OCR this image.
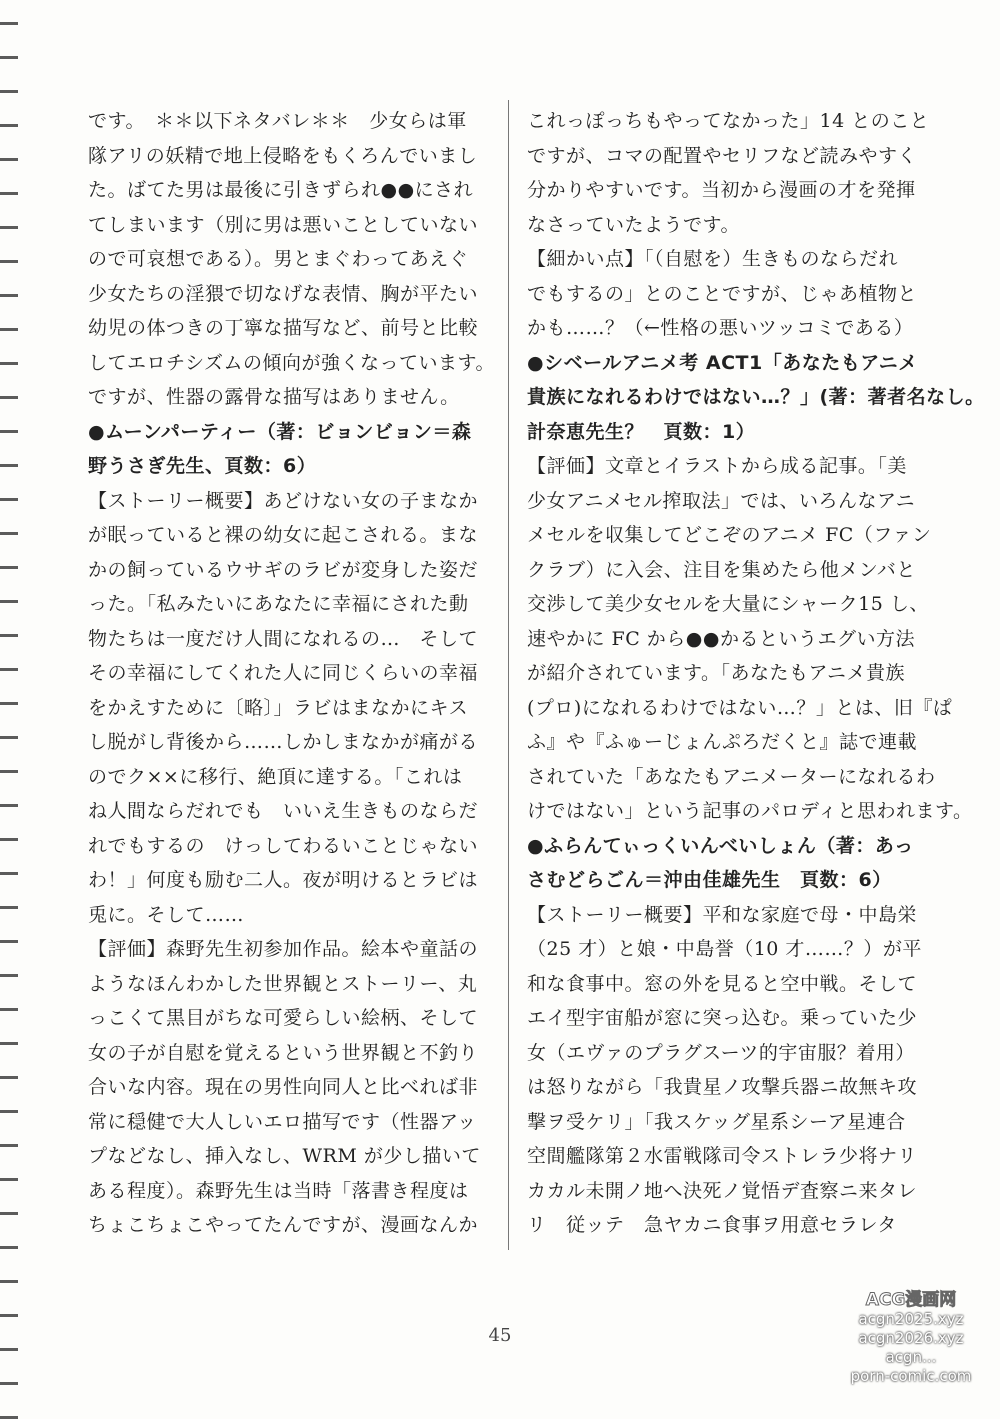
です。　＊＊以下ネタバレ＊＊　少女らは軍
隊アリの妖精で地上侵略をもくろんでいまし
た。ばてた男は最後に引きずられ●●にされ
てしまいます（別に男は悪いことしていない
ので可哀想である）。男とまぐわってあえぐ
少女たちの淫猥で切なげな表情、胸が平たい
幼児の体つきの丁寧な描写など、前号と比較
してエロチシズムの傾向が強くなっています。
ですが、性器の露骨な描写はありません。
●ムーンパーティー（著：ビョンビョン＝森
野うさぎ先生、頁数：6）
【ストーリー概要】あどけない女の子まなか
が眠っていると裸の幼女に起こされる。まな
かの飼っているウサギのラビが変身した姿だ
った。「私みたいにあなたに幸福にされた動
物たちは一度だけ人間になれるの…　そして
その幸福にしてくれた人に同じくらいの幸福
をかえすために〔略〕」ラビはまなかにキス
し脱がし背後から……しかしまなかが痛がる
のでク××に移行、絶頂に達する。「これは
ね人間ならだれでも　いいえ生きものならだ
れでもするの　けっしてわるいことじゃない
わ！」何度も励む二人。夜が明けるとラビは
兎に。そして……
【評価】森野先生初参加作品。絵本や童話の
ようなほんわかした世界観とストーリー、丸
っこくて黒目がちな可愛らしい絵柄、そして
女の子が自慰を覚えるという世界観と不釣り
合いな内容。現在の男性向同人と比べれば非
常に穏健で大人しいエロ描写です（性器アッ
プなどなし、挿入なし、WRM が少し描いて
ある程度）。森野先生は当時「落書き程度は
ちょこちょこやってたんですが、漫画なんか
これっぽっちもやってなかった」14 とのこと
ですが、コマの配置やセリフなど読みやすく
分かりやすいです。当初から漫画の才を発揮
なさっていたようです。
【細かい点】「（自慰を）生きものならだれ
でもするの」とのことですが、じゃあ植物と
かも……？（←性格の悪いツッコミである）
●シベールアニメ考 ACT1「あなたもアニメ
貴族になれるわけではない…？」(著：著者名なし。
計奈恵先生？　頁数：1）
【評価】文章とイラストから成る記事。「美
少女アニメセル搾取法」では、いろんなアニ
メセルを収集してどこぞのアニメ FC（ファン
クラブ）に入会、注目を集めたら他メンバと
交渉して美少女セルを大量にシャーク15 し、
速やかに FC から●●かるというエグい方法
が紹介されています。「あなたもアニメ貴族
(プロ)になれるわけではない…？」とは、旧『ぱ
ふ』や『ふゅーじょんぷろだくと』誌で連載
されていた「あなたもアニメーターになれるわ
けではない」という記事のパロディと思われます。
●ふらんてぃっくいんべいしょん（著：あっ
さむどらごん＝沖由佳雄先生　頁数：6）
【ストーリー概要】平和な家庭で母・中島栄
（25 才）と娘・中島誉（10 才……？）が平
和な食事中。窓の外を見ると空中戦。そして
エイ型宇宙船が窓に突っ込む。乗っていた少
女（エヴァのプラグスーツ的宇宙服？着用）
は怒りながら「我貴星ノ攻撃兵器ニ故無キ攻
撃ヲ受ケリ」「我スケッグ星系シーア星連合
空間艦隊第２水雷戦隊司令ストレラ少将ナリ
カカル未開ノ地へ決死ノ覚悟デ査察ニ来タレ
リ　従ッテ　急ヤカニ食事ヲ用意セラレタ
45
ACG漫画网
acgn2025.xyz
acgn2026.xyz
acgn...
porn-comic.com
